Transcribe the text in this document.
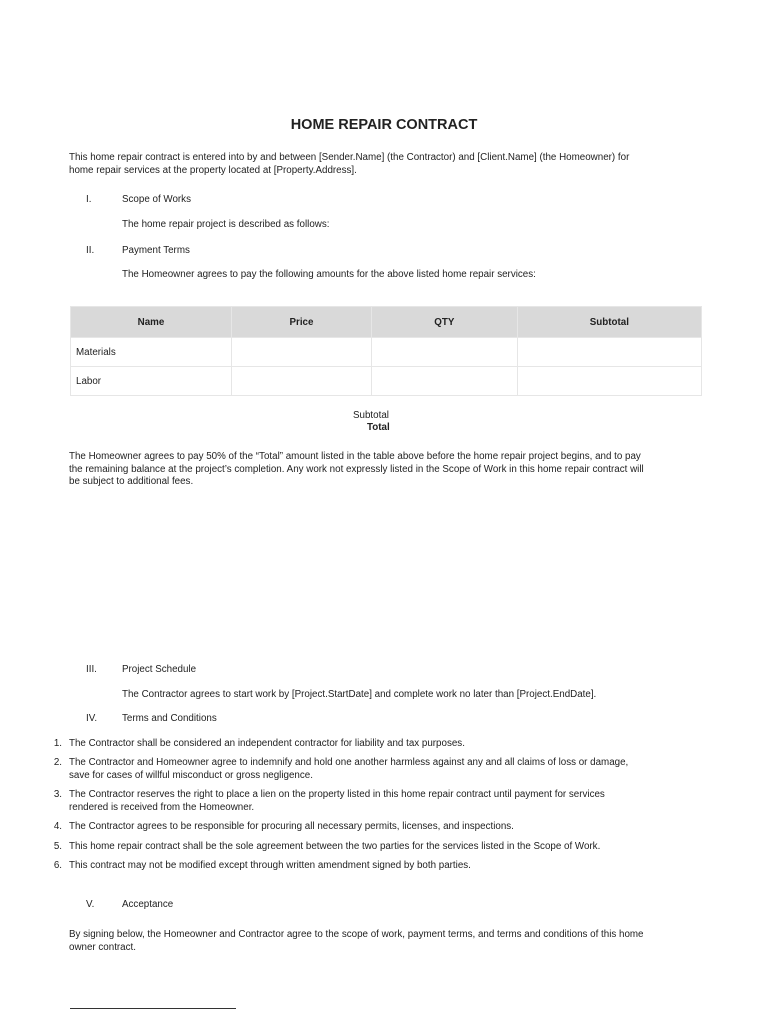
HOME REPAIR CONTRACT
This home repair contract is entered into by and between [Sender.Name] (the Contractor) and [Client.Name] (the Homeowner) for
home repair services at the property located at [Property.Address].
I.	Scope of Works
The home repair project is described as follows:
II.	Payment Terms
The Homeowner agrees to pay the following amounts for the above listed home repair services:
Name	Price	QTY	Subtotal
Materials			
Labor			
Subtotal
Total
The Homeowner agrees to pay 50% of the “Total” amount listed in the table above before the home repair project begins, and to pay
the remaining balance at the project’s completion. Any work not expressly listed in the Scope of Work in this home repair contract will
be subject to additional fees.
III.	Project Schedule
The Contractor agrees to start work by [Project.StartDate] and complete work no later than [Project.EndDate].
IV.	Terms and Conditions
1. The Contractor shall be considered an independent contractor for liability and tax purposes.
2. The Contractor and Homeowner agree to indemnify and hold one another harmless against any and all claims of loss or damage,
save for cases of willful misconduct or gross negligence.
3. The Contractor reserves the right to place a lien on the property listed in this home repair contract until payment for services
rendered is received from the Homeowner.
4. The Contractor agrees to be responsible for procuring all necessary permits, licenses, and inspections.
5. This home repair contract shall be the sole agreement between the two parties for the services listed in the Scope of Work.
6. This contract may not be modified except through written amendment signed by both parties.
V.	Acceptance
By signing below, the Homeowner and Contractor agree to the scope of work, payment terms, and terms and conditions of this home
owner contract.
